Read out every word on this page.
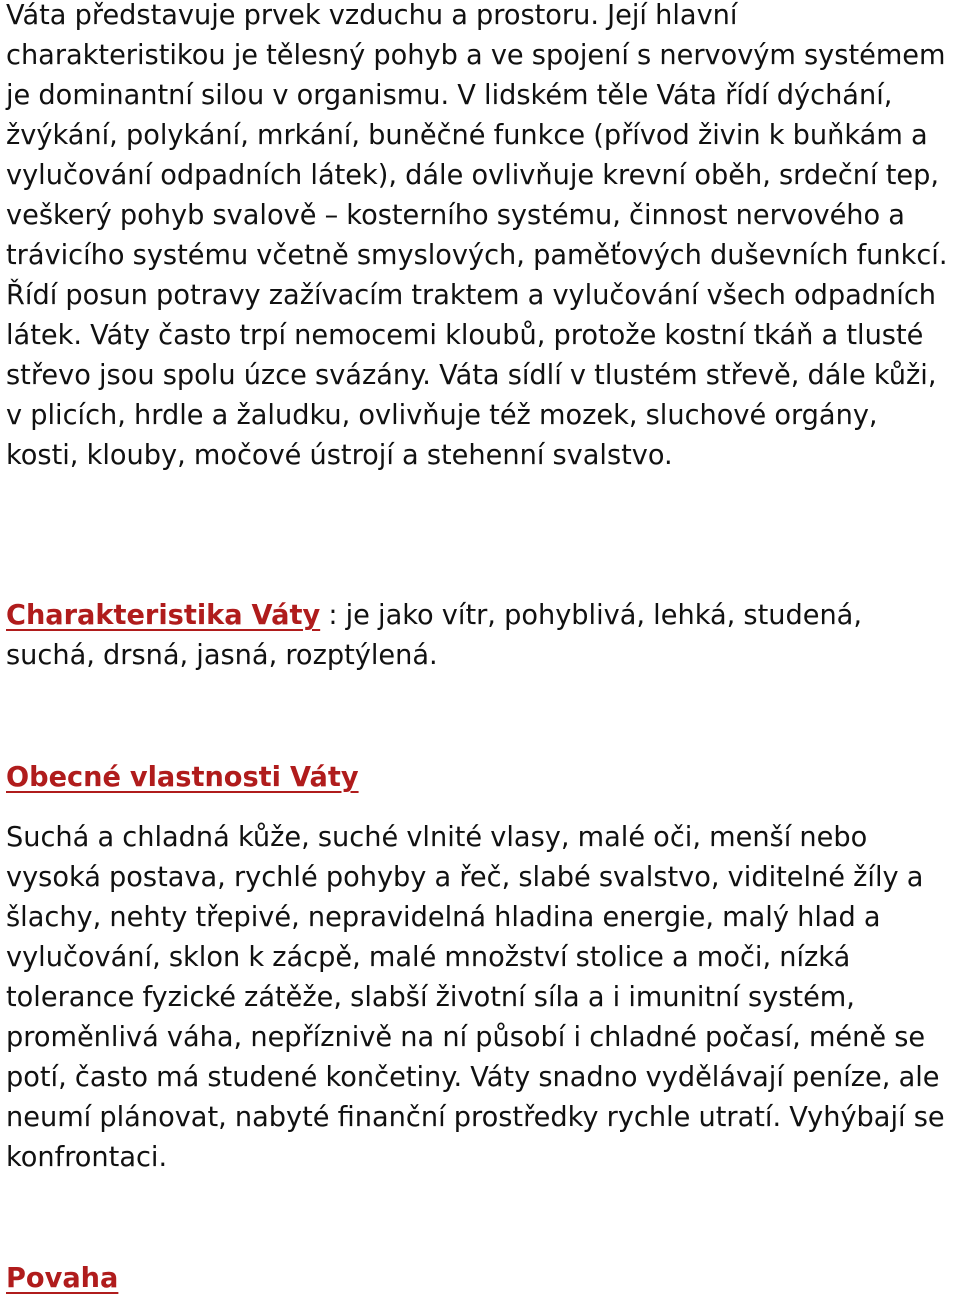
Váta představuje prvek vzduchu a prostoru. Její hlavní charakteristikou je tělesný pohyb a ve spojení s nervovým systémem je dominantní silou v organismu. V lidském těle Váta řídí dýchání, žvýkání, polykání, mrkání, buněčné funkce (přívod živin k buňkám a vylučování odpadních látek), dále ovlivňuje krevní oběh, srdeční tep, veškerý pohyb svalově – kosterního systému, činnost nervového a trávicího systému včetně smyslových, paměťových duševních funkcí. Řídí posun potravy zažívacím traktem a vylučování všech odpadních látek. Váty často trpí nemocemi kloubů, protože kostní tkáň a tlusté střevo jsou spolu úzce svázány. Váta sídlí v tlustém střevě, dále kůži, v plicích, hrdle a žaludku, ovlivňuje též mozek, sluchové orgány, kosti, klouby, močové ústrojí a stehenní svalstvo.

Charakteristika Váty : je jako vítr, pohyblivá, lehká, studená, suchá, drsná, jasná, rozptýlená.

Obecné vlastnosti Váty

Suchá a chladná kůže, suché vlnité vlasy, malé oči, menší nebo vysoká postava, rychlé pohyby a řeč, slabé svalstvo, viditelné žíly a šlachy, nehty třepivé, nepravidelná hladina energie, malý hlad a vylučování, sklon k zácpě, malé množství stolice a moči, nízká tolerance fyzické zátěže, slabší životní síla a i imunitní systém, proměnlivá váha, nepříznivě na ní působí i chladné počasí, méně se potí, často má studené končetiny. Váty snadno vydělávají peníze, ale neumí plánovat, nabyté finanční prostředky rychle utratí. Vyhýbají se konfrontaci.

Povaha
